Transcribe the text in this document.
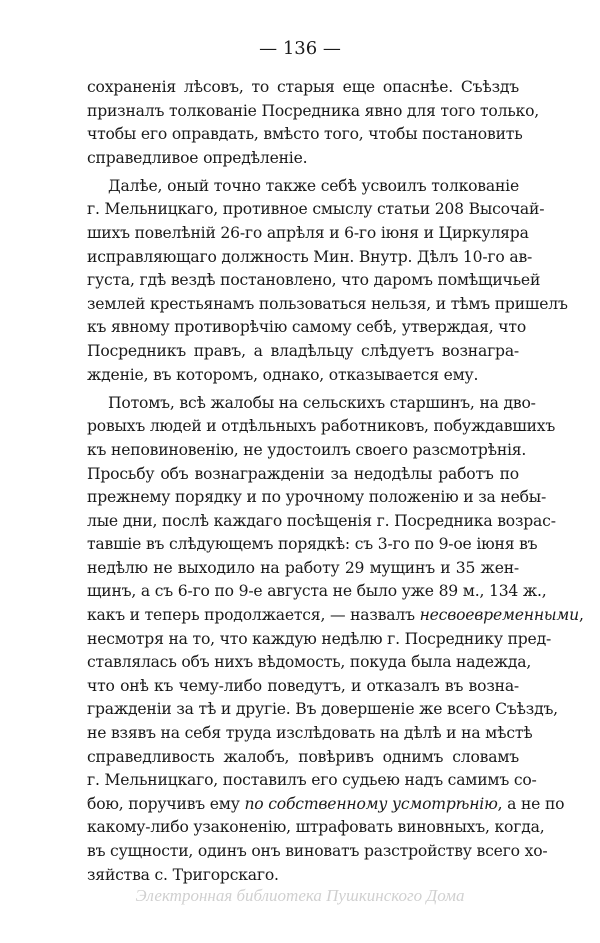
— 136 —
сохраненія лѣсовъ, то старыя еще опаснѣе. Съѣздъ
призналъ толкованіе Посредника явно для того только,
чтобы его оправдать, вмѣсто того, чтобы постановить
справедливое опредѣленіе.
Далѣе, оный точно также себѣ усвоилъ толкованіе
г. Мельницкаго, противное смыслу статьи 208 Высочай-
шихъ повелѣній 26-го апрѣля и 6-го іюня и Циркуляра
исправляющаго должность Мин. Внутр. Дѣлъ 10-го ав-
густа, гдѣ вездѣ постановлено, что даромъ помѣщичьей
землей крестьянамъ пользоваться нельзя, и тѣмъ пришелъ
къ явному противорѣчію самому себѣ, утверждая, что
Посредникъ правъ, а владѣльцу слѣдуетъ вознагра-
жденіе, въ которомъ, однако, отказывается ему.
Потомъ, всѣ жалобы на сельскихъ старшинъ, на дво-
ровыхъ людей и отдѣльныхъ работниковъ, побуждавшихъ
къ неповиновенію, не удостоилъ своего разсмотрѣнія.
Просьбу объ вознагражденіи за недодѣлы работъ по
прежнему порядку и по урочному положенію и за небы-
лые дни, послѣ каждаго посѣщенія г. Посредника возрас-
тавшіе въ слѣдующемъ порядкѣ: съ 3-го по 9-ое іюня въ
недѣлю не выходило на работу 29 мущинъ и 35 жен-
щинъ, а съ 6-го по 9-е августа не было уже 89 м., 134 ж.,
какъ и теперь продолжается, — назвалъ несвоевременными,
несмотря на то, что каждую недѣлю г. Посреднику пред-
ставлялась объ нихъ вѣдомость, покуда была надежда,
что онѣ къ чему-либо поведутъ, и отказалъ въ возна-
гражденіи за тѣ и другіе. Въ довершеніе же всего Съѣздъ,
не взявъ на себя труда изслѣдовать на дѣлѣ и на мѣстѣ
справедливость жалобъ, повѣривъ однимъ словамъ
г. Мельницкаго, поставилъ его судьею надъ самимъ со-
бою, поручивъ ему по собственному усмотрѣнію, а не по
какому-либо узаконенію, штрафовать виновныхъ, когда,
въ сущности, одинъ онъ виноватъ разстройству всего хо-
зяйства с. Тригорскаго.
Электронная библиотека Пушкинского Дома
